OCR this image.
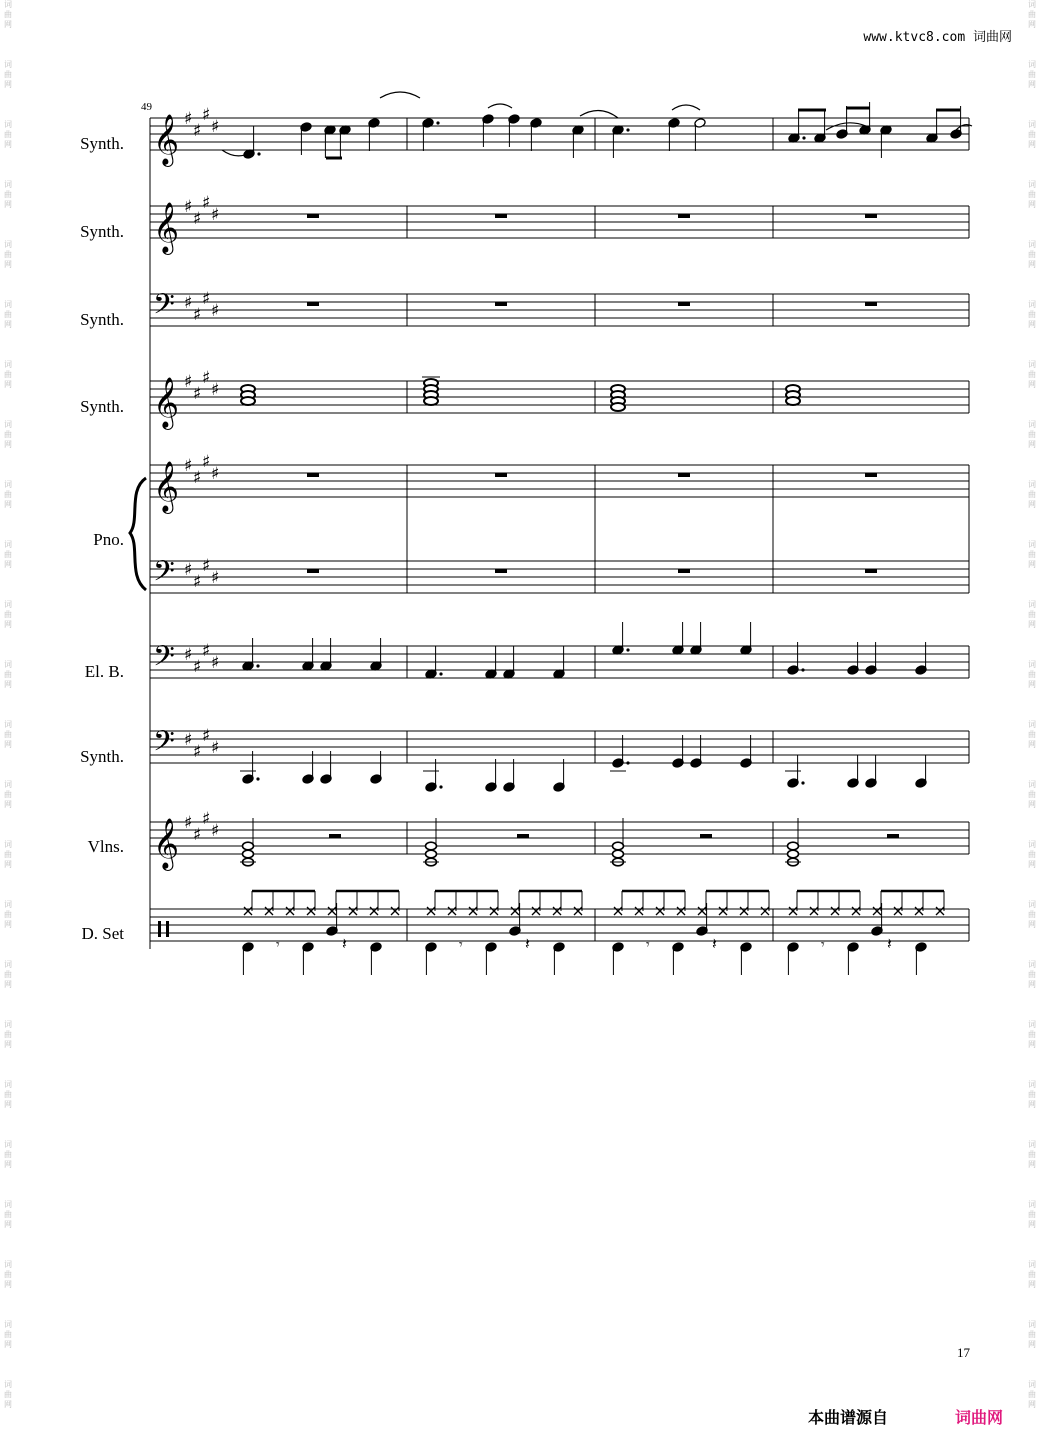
www.ktvc8.com 词曲网
词
曲
网
词
曲
网
词
曲
网
词
曲
网
词
曲
网
词
曲
网
词
曲
网
词
曲
网
词
曲
网
词
曲
网
词
曲
网
词
曲
网
词
曲
网
词
曲
网
词
曲
网
词
曲
网
词
曲
网
词
曲
网
词
曲
网
词
曲
网
词
曲
网
词
曲
网
词
曲
网
词
曲
网
词
曲
网
词
曲
网
词
曲
网
词
曲
网
词
曲
网
词
曲
网
词
曲
网
词
曲
网
词
曲
网
词
曲
网
词
曲
网
词
曲
网
词
曲
网
词
曲
网
词
曲
网
词
曲
网
词
曲
网
词
曲
网
词
曲
网
词
曲
网
词
曲
网
词
曲
网
词
曲
网
词
曲
网
49
Synth.
Synth.
Synth.
Synth.
Pno.
El. B.
Synth.
Vlns.
D. Set
𝄞 ♯
♯
♯
♯
𝄞 ♯
♯
♯
♯
𝄢 ♯
♯
♯
♯
𝄞 ♯
♯
♯
♯
𝄞 ♯
♯
♯
♯
𝄢 ♯
♯
♯
♯
𝄢 ♯
♯
♯
♯
𝄢 ♯
♯
♯
♯
𝄞 ♯
♯
♯
♯
𝄾	𝄽	𝄾	𝄽	𝄾	𝄽	𝄾	𝄽
17
本曲谱源自	词曲网
